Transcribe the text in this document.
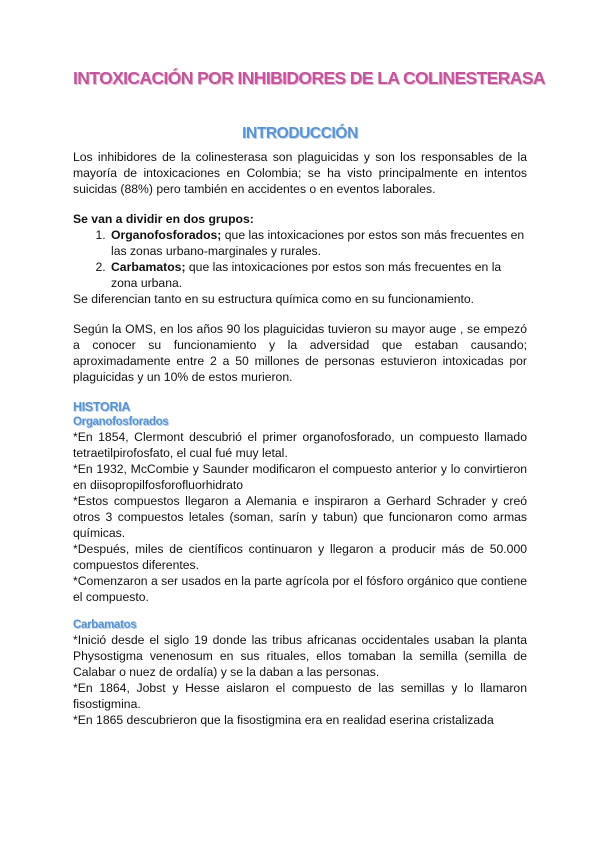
INTOXICACIÓN POR INHIBIDORES DE LA COLINESTERASA
INTRODUCCIÓN

Los inhibidores de la colinesterasa son plaguicidas y son los responsables de la mayoría de intoxicaciones en Colombia; se ha visto principalmente en intentos suicidas (88%) pero también en accidentes o en eventos laborales.

Se van a dividir en dos grupos:

1. Organofosforados; que las intoxicaciones por estos son más frecuentes en las zonas urbano-marginales y rurales.
2. Carbamatos; que las intoxicaciones por estos son más frecuentes en la zona urbana.

Se diferencian tanto en su estructura química como en su funcionamiento.

Según la OMS, en los años 90 los plaguicidas tuvieron su mayor auge , se empezó a conocer su funcionamiento y la adversidad que estaban causando; aproximadamente entre 2 a 50 millones de personas estuvieron intoxicadas por plaguicidas y un 10% de estos murieron.

HISTORIA
Organofosforados

*En 1854, Clermont descubrió el primer organofosforado, un compuesto llamado tetraetilpirofosfato, el cual fué muy letal.

*En 1932, McCombie y Saunder modificaron el compuesto anterior y lo convirtieron en diisopropilfosforofluorhidrato

*Estos compuestos llegaron a Alemania e inspiraron a Gerhard Schrader y creó otros 3 compuestos letales (soman, sarín y tabun) que funcionaron como armas químicas.

*Después, miles de científicos continuaron y llegaron a producir más de 50.000 compuestos diferentes.

*Comenzaron a ser usados en la parte agrícola por el fósforo orgánico que contiene el compuesto.

Carbamatos

*Inició desde el siglo 19 donde las tribus africanas occidentales usaban la planta Physostigma venenosum en sus rituales, ellos tomaban la semilla (semilla de Calabar o nuez de ordalía) y se la daban a las personas.

*En 1864, Jobst y Hesse aislaron el compuesto de las semillas y lo llamaron fisostigmina.

*En 1865 descubrieron que la fisostigmina era en realidad eserina cristalizada
